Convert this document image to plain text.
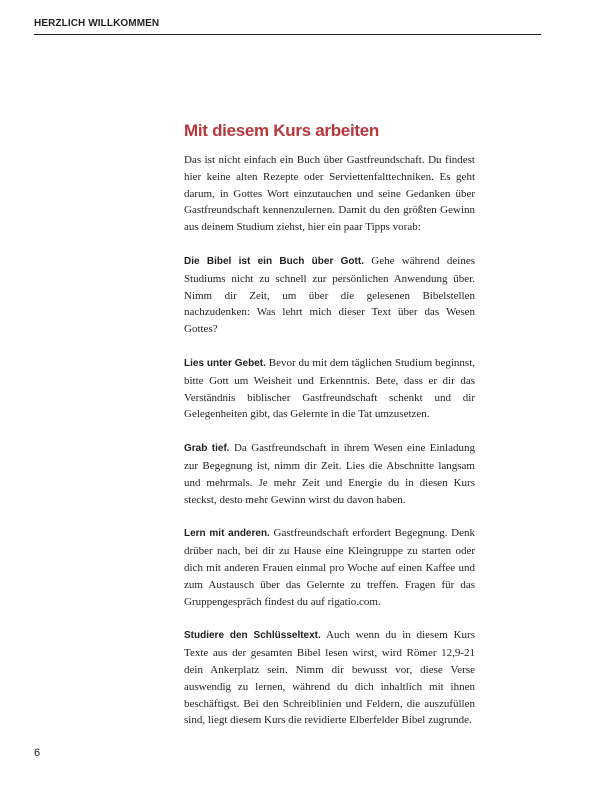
HERZLICH WILLKOMMEN
Mit diesem Kurs arbeiten

Das ist nicht einfach ein Buch über Gastfreundschaft. Du findest hier keine alten Rezepte oder Serviettenfalttechniken. Es geht darum, in Gottes Wort einzutauchen und seine Gedanken über Gastfreundschaft kennenzulernen. Damit du den größten Gewinn aus deinem Studium ziehst, hier ein paar Tipps vorab:

Die Bibel ist ein Buch über Gott. Gehe während deines Studiums nicht zu schnell zur persönlichen Anwendung über. Nimm dir Zeit, um über die gelesenen Bibelstellen nachzudenken: Was lehrt mich dieser Text über das Wesen Gottes?

Lies unter Gebet. Bevor du mit dem täglichen Studium beginnst, bitte Gott um Weisheit und Erkenntnis. Bete, dass er dir das Verständnis biblischer Gastfreundschaft schenkt und dir Gelegenheiten gibt, das Gelernte in die Tat umzusetzen.

Grab tief. Da Gastfreundschaft in ihrem Wesen eine Einladung zur Begegnung ist, nimm dir Zeit. Lies die Abschnitte langsam und mehrmals. Je mehr Zeit und Energie du in diesen Kurs steckst, desto mehr Gewinn wirst du davon haben.

Lern mit anderen. Gastfreundschaft erfordert Begegnung. Denk drüber nach, bei dir zu Hause eine Kleingruppe zu starten oder dich mit anderen Frauen einmal pro Woche auf einen Kaffee und zum Austausch über das Gelernte zu treffen. Fragen für das Gruppengespräch findest du auf rigatio.com.

Studiere den Schlüsseltext. Auch wenn du in diesem Kurs Texte aus der gesamten Bibel lesen wirst, wird Römer 12,9-21 dein Ankerplatz sein. Nimm dir bewusst vor, diese Verse auswendig zu lernen, während du dich inhaltlich mit ihnen beschäftigst. Bei den Schreiblinien und Feldern, die auszufüllen sind, liegt diesem Kurs die revidierte Elberfelder Bibel zugrunde.

6
